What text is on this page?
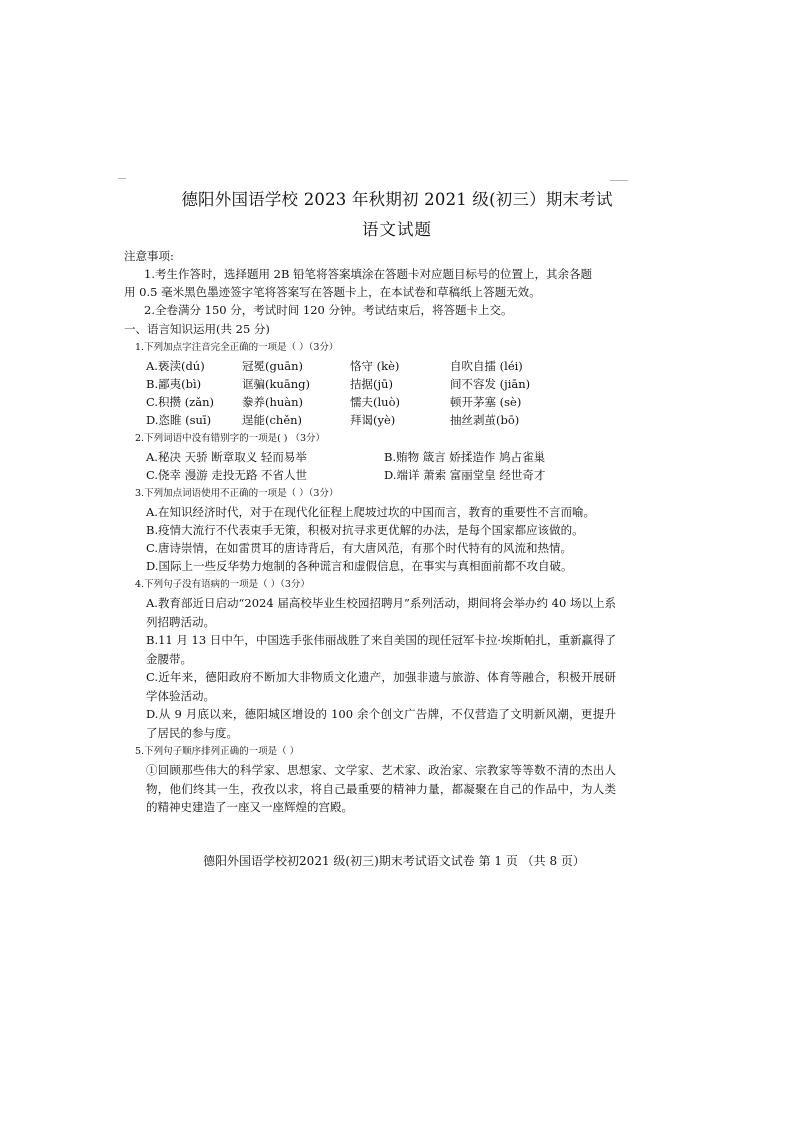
德阳外国语学校 2023 年秋期初 2021 级(初三）期末考试
语文试题
注意事项:
1.考生作答时，选择题用 2B 铅笔将答案填涂在答题卡对应题目标号的位置上，其余各题
用 0.5 毫米黑色墨迹签字笔将答案写在答题卡上，在本试卷和草稿纸上答题无效。
2.全卷满分 150 分，考试时间 120 分钟。考试结束后，将答题卡上交。
一、语言知识运用(共 25 分)
1.下列加点字注音完全正确的一项是（ ）（3分）
A.亵渎(dú)	冠冕(guān)	恪守 (kè)	自吹自擂 (léi)
B.鄙夷(bì)	诓骗(kuāng)	拮据(jū)	间不容发 (jiān)
C.积攒 (zǎn)	豢养(huàn)	懦夫(luò)	顿开茅塞 (sè)
D.恣睢 (suī)	逞能(chěn)	拜谒(yè)	抽丝剥茧(bō)
2.下列词语中没有错别字的一项是( ) （3分）
A.秘决 天骄 断章取义 轻而易举	B.贿物 箴言 娇揉造作 鸠占雀巢
C.侥幸 漫游 走投无路 不省人世	D.端详 萧索 富丽堂皇 经世奇才
3.下列加点词语使用不正确的一项是（ ）（3分）
A.在知识经济时代，对于在现代化征程上爬坡过坎的中国而言，教育的重要性不言而喻。
B.疫情大流行不代表束手无策，积极对抗寻求更优解的办法，是每个国家都应该做的。
C.唐诗崇情，在如雷贯耳的唐诗背后，有大唐风范，有那个时代特有的风流和热情。
D.国际上一些反华势力炮制的各种谎言和虚假信息，在事实与真相面前都不攻自破。
4.下列句子没有语病的一项是（ ）（3分）
A.教育部近日启动“2024 届高校毕业生校园招聘月”系列活动，期间将会举办约 40 场以上系列招聘活动。
B.11 月 13 日中午，中国选手张伟丽战胜了来自美国的现任冠军卡拉·埃斯帕扎，重新赢得了金腰带。
C.近年来，德阳政府不断加大非物质文化遗产，加强非遗与旅游、体育等融合，积极开展研学体验活动。
D.从 9 月底以来，德阳城区增设的 100 余个创文广告牌，不仅营造了文明新风潮，更提升了居民的参与度。
5.下列句子顺序排列正确的一项是（ ）
①回顾那些伟大的科学家、思想家、文学家、艺术家、政治家、宗教家等等数不清的杰出人物，他们终其一生，孜孜以求，将自己最重要的精神力量，都凝聚在自己的作品中，为人类的精神史建造了一座又一座辉煌的宫殿。
德阳外国语学校初2021 级(初三)期末考试语文试卷 第 1 页 （共 8 页）
